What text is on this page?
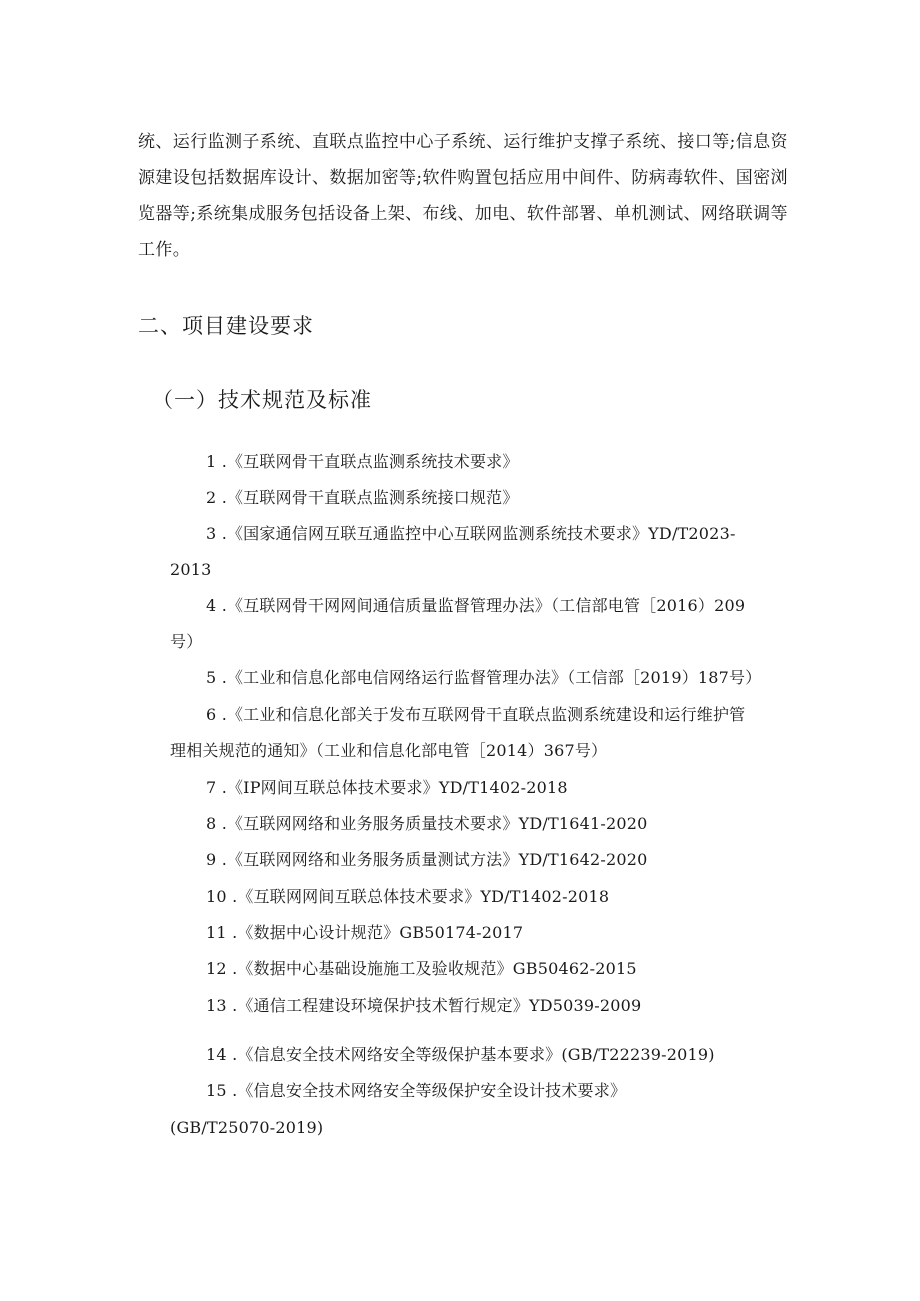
统、运行监测子系统、直联点监控中心子系统、运行维护支撑子系统、接口等;信息资
源建设包括数据库设计、数据加密等;软件购置包括应用中间件、防病毒软件、国密浏
览器等;系统集成服务包括设备上架、布线、加电、软件部署、单机测试、网络联调等
工作。
二、项目建设要求
（一）技术规范及标准
1 .《互联网骨干直联点监测系统技术要求》
2 .《互联网骨干直联点监测系统接口规范》
3 .《国家通信网互联互通监控中心互联网监测系统技术要求》YD/T2023-
2013
4 .《互联网骨干网网间通信质量监督管理办法》（工信部电管［2016）209
号）
5 .《工业和信息化部电信网络运行监督管理办法》（工信部［2019）187号）
6 .《工业和信息化部关于发布互联网骨干直联点监测系统建设和运行维护管
理相关规范的通知》（工业和信息化部电管［2014）367号）
7 .《IP网间互联总体技术要求》YD/T1402-2018
8 .《互联网网络和业务服务质量技术要求》YD/T1641-2020
9 .《互联网网络和业务服务质量测试方法》YD/T1642-2020
10 .《互联网网间互联总体技术要求》YD/T1402-2018
11 .《数据中心设计规范》GB50174-2017
12 .《数据中心基础设施施工及验收规范》GB50462-2015
13 .《通信工程建设环境保护技术暂行规定》YD5039-2009
14 .《信息安全技术网络安全等级保护基本要求》(GB/T22239-2019)
15 .《信息安全技术网络安全等级保护安全设计技术要求》
(GB/T25070-2019)
